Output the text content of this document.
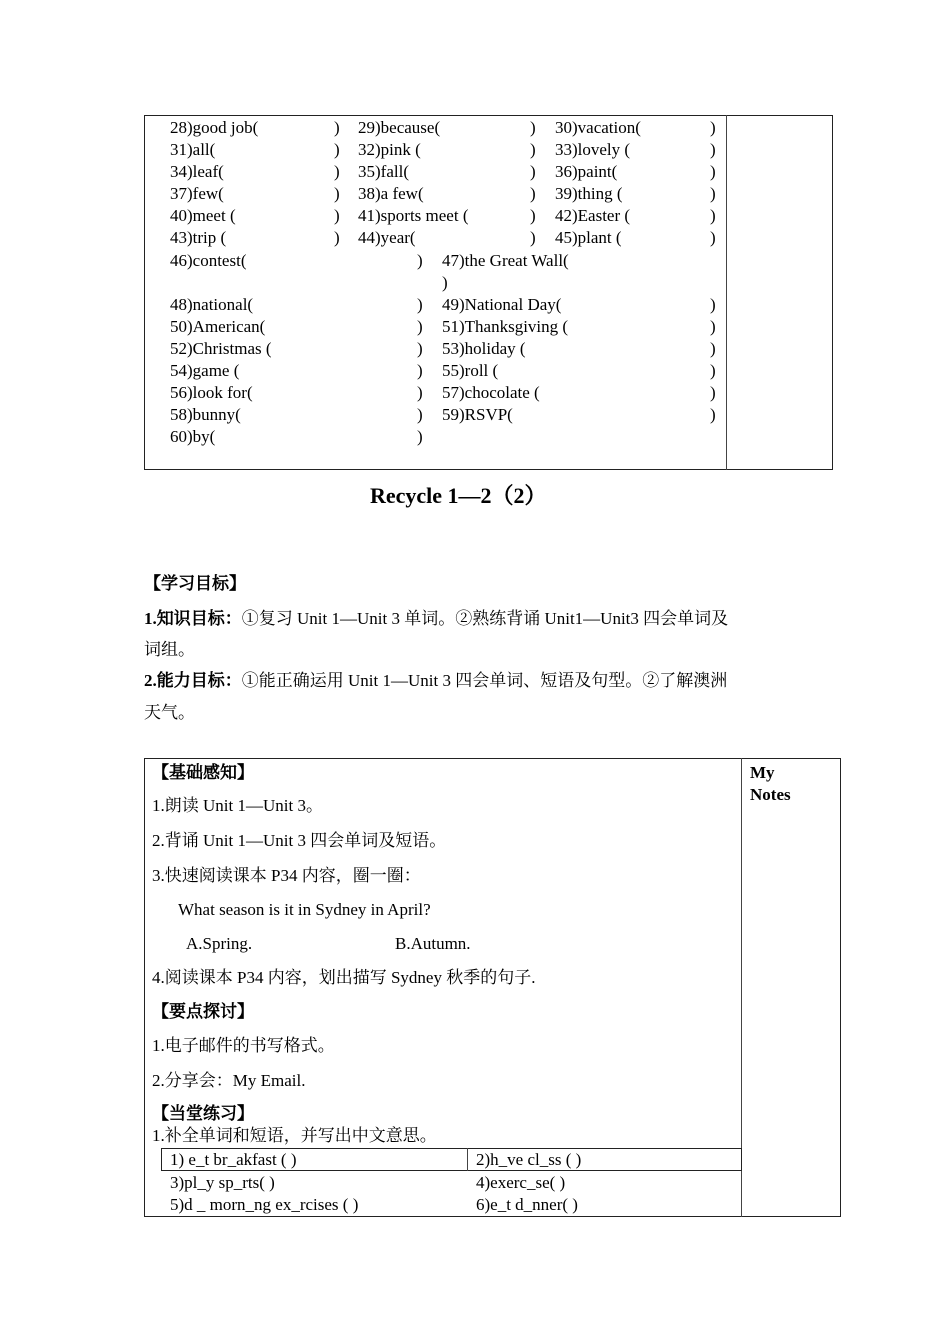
28)good job(	) 29)because(	) 30)vacation(	)
31)all(	) 32)pink (	) 33)lovely (	)
34)leaf(	) 35)fall(	) 36)paint(	)
37)few(	) 38)a few(	) 39)thing (	)
40)meet (	) 41)sports meet (	) 42)Easter (	)
43)trip (	) 44)year(	) 45)plant (	)
46)contest(	) 47)the Great Wall(
)
48)national(	) 49)National Day(	)
50)American(	) 51)Thanksgiving (	)
52)Christmas (	) 53)holiday (	)
54)game (	) 55)roll (	)
56)look for(	) 57)chocolate (	)
58)bunny(	) 59)RSVP(	)
60)by(	)
Recycle 1—2（2）
【学习目标】
1.知识目标：①复习 Unit 1—Unit 3 单词。②熟练背诵 Unit1—Unit3 四会单词及
词组。
2.能力目标：①能正确运用 Unit 1—Unit 3 四会单词、短语及句型。②了解澳洲
天气。
My
Notes
【基础感知】
1.朗读 Unit 1—Unit 3。
2.背诵 Unit 1—Unit 3 四会单词及短语。
3.快速阅读课本 P34 内容，圈一圈：
What season is it in Sydney in April?
A.Spring.	B.Autumn.
4.阅读课本 P34 内容，划出描写 Sydney 秋季的句子.
【要点探讨】
1.电子邮件的书写格式。
2.分享会：My Email.
【当堂练习】
1.补全单词和短语，并写出中文意思。
1) e_t br_akfast ( )	2)h_ve cl_ss ( )
3)pl_y sp_rts( )	4)exerc_se( )
5)d _ morn_ng ex_rcises ( )	6)e_t d_nner( )
